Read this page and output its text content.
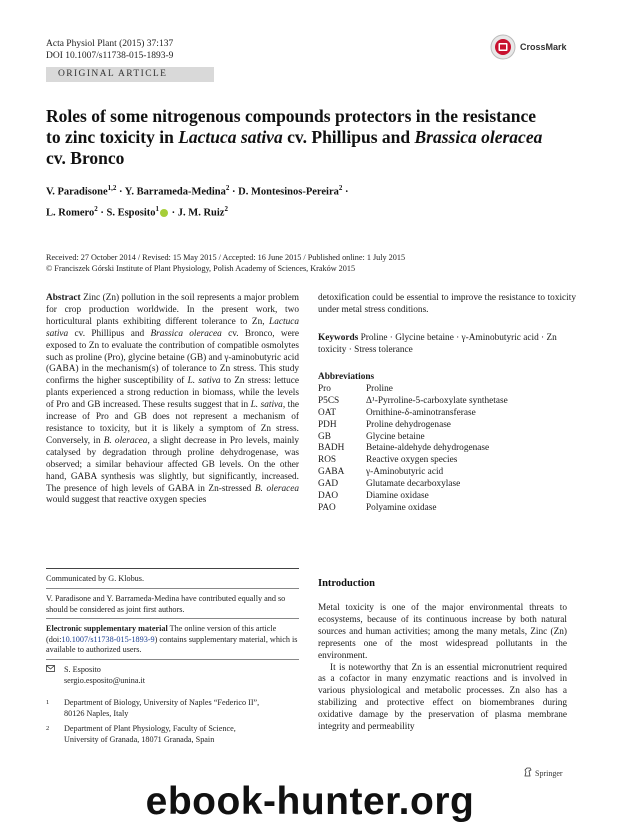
Acta Physiol Plant (2015) 37:137
DOI 10.1007/s11738-015-1893-9
CrossMark
ORIGINAL ARTICLE
Roles of some nitrogenous compounds protectors in the resistance
to zinc toxicity in Lactuca sativa cv. Phillipus and Brassica oleracea
cv. Bronco
V. Paradisone$^{1,2}$ · Y. Barrameda-Medina$^2$ · D. Montesinos-Pereira$^2$ ·
L. Romero$^2$ · S. Esposito$^1$ · J. M. Ruiz$^2$
Received: 27 October 2014 / Revised: 15 May 2015 / Accepted: 16 June 2015 / Published online: 1 July 2015
© Franciszek Górski Institute of Plant Physiology, Polish Academy of Sciences, Kraków 2015
Abstract Zinc (Zn) pollution in the soil represents a major problem for crop production worldwide. In the present work, two horticultural plants exhibiting different tolerance to Zn, Lactuca sativa cv. Phillipus and Brassica oleracea cv. Bronco, were exposed to Zn to evaluate the contribution of compatible osmolytes such as proline (Pro), glycine betaine (GB) and γ-aminobutyric acid (GABA) in the mechanism(s) of tolerance to Zn stress. This study confirms the higher susceptibility of L. sativa to Zn stress: lettuce plants experienced a strong reduction in biomass, while the levels of Pro and GB increased. These results suggest that in L. sativa, the increase of Pro and GB does not represent a mechanism of resistance to toxicity, but it is likely a symptom of Zn stress. Conversely, in B. oleracea, a slight decrease in Pro levels, mainly catalysed by degradation through proline dehydrogenase, was observed; a similar behaviour affected GB levels. On the other hand, GABA synthesis was slightly, but significantly, increased. The presence of high levels of GABA in Zn-stressed B. oleracea would suggest that reactive oxygen species
detoxification could be essential to improve the resistance to toxicity under metal stress conditions.
Keywords Proline · Glycine betaine · γ-Aminobutyric acid · Zn toxicity · Stress tolerance
Abbreviations
Pro	Proline
P5CS	Δ¹-Pyrroline-5-carboxylate synthetase
OAT	Ornithine-δ-aminotransferase
PDH	Proline dehydrogenase
GB	Glycine betaine
BADH	Betaine-aldehyde dehydrogenase
ROS	Reactive oxygen species
GABA	γ-Aminobutyric acid
GAD	Glutamate decarboxylase
DAO	Diamine oxidase
PAO	Polyamine oxidase
Communicated by G. Klobus.
V. Paradisone and Y. Barrameda-Medina have contributed equally and so should be considered as joint first authors.
Electronic supplementary material The online version of this article (doi:10.1007/s11738-015-1893-9) contains supplementary material, which is available to authorized users.
S. Esposito
sergio.esposito@unina.it
1	Department of Biology, University of Naples “Federico II”,
80126 Naples, Italy
2	Department of Plant Physiology, Faculty of Science,
University of Granada, 18071 Granada, Spain
Introduction

Metal toxicity is one of the major environmental threats to ecosystems, because of its continuous increase by both natural sources and human activities; among the many metals, Zinc (Zn) represents one of the most widespread pollutants in the environment.

It is noteworthy that Zn is an essential micronutrient required as a cofactor in many enzymatic reactions and is involved in various physiological and metabolic processes. Zn also has a stabilizing and protective effect on biomembranes during oxidative damage by the preservation of plasma membrane integrity and permeability

Springer
ebook-hunter.org
